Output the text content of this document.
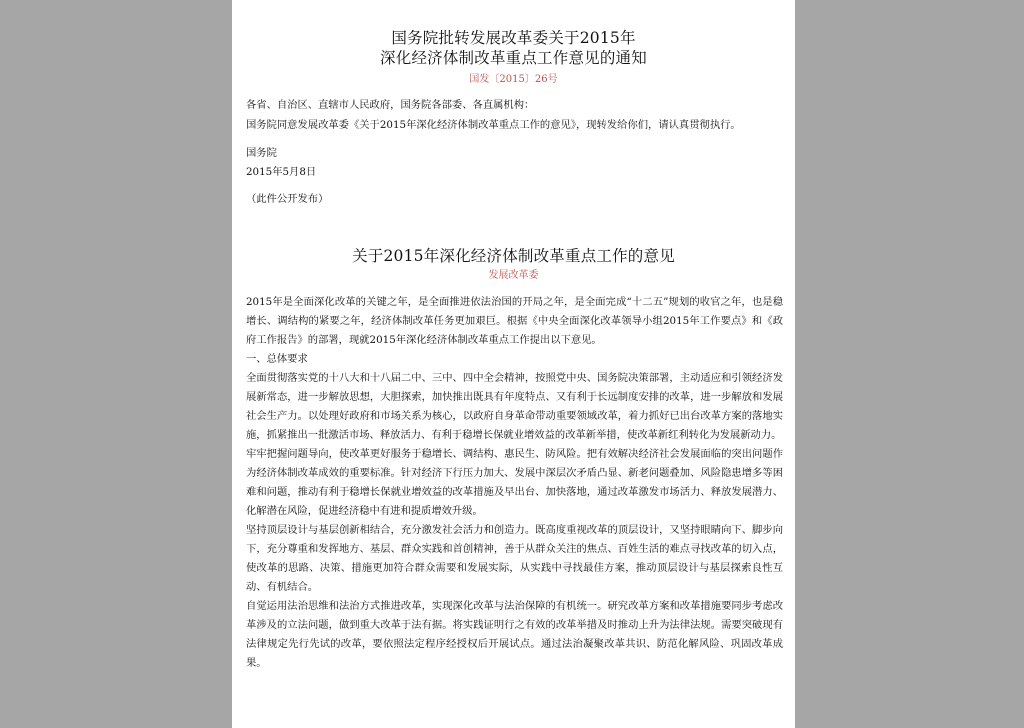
国务院批转发展改革委关于2015年
深化经济体制改革重点工作意见的通知
国发〔2015〕26号
各省、自治区、直辖市人民政府，国务院各部委、各直属机构：
国务院同意发展改革委《关于2015年深化经济体制改革重点工作的意见》，现转发给你们，请认真贯彻执行。
国务院
2015年5月8日
（此件公开发布）
关于2015年深化经济体制改革重点工作的意见
发展改革委

2015年是全面深化改革的关键之年，是全面推进依法治国的开局之年，是全面完成“十二五”规划的收官之年，也是稳增长、调结构的紧要之年，经济体制改革任务更加艰巨。根据《中央全面深化改革领导小组2015年工作要点》和《政府工作报告》的部署，现就2015年深化经济体制改革重点工作提出以下意见。

一、总体要求

全面贯彻落实党的十八大和十八届二中、三中、四中全会精神，按照党中央、国务院决策部署，主动适应和引领经济发展新常态，进一步解放思想，大胆探索，加快推出既具有年度特点、又有利于长远制度安排的改革，进一步解放和发展社会生产力。以处理好政府和市场关系为核心，以政府自身革命带动重要领域改革，着力抓好已出台改革方案的落地实施，抓紧推出一批激活市场、释放活力、有利于稳增长保就业增效益的改革新举措，使改革新红利转化为发展新动力。

牢牢把握问题导向，使改革更好服务于稳增长、调结构、惠民生、防风险。把有效解决经济社会发展面临的突出问题作为经济体制改革成效的重要标准。针对经济下行压力加大、发展中深层次矛盾凸显、新老问题叠加、风险隐患增多等困难和问题，推动有利于稳增长保就业增效益的改革措施及早出台、加快落地，通过改革激发市场活力、释放发展潜力、化解潜在风险，促进经济稳中有进和提质增效升级。

坚持顶层设计与基层创新相结合，充分激发社会活力和创造力。既高度重视改革的顶层设计，又坚持眼睛向下、脚步向下，充分尊重和发挥地方、基层、群众实践和首创精神，善于从群众关注的焦点、百姓生活的难点寻找改革的切入点，使改革的思路、决策、措施更加符合群众需要和发展实际，从实践中寻找最佳方案，推动顶层设计与基层探索良性互动、有机结合。

自觉运用法治思维和法治方式推进改革，实现深化改革与法治保障的有机统一。研究改革方案和改革措施要同步考虑改革涉及的立法问题，做到重大改革于法有据。将实践证明行之有效的改革举措及时推动上升为法律法规。需要突破现有法律规定先行先试的改革，要依照法定程序经授权后开展试点。通过法治凝聚改革共识、防范化解风险、巩固改革成果。
